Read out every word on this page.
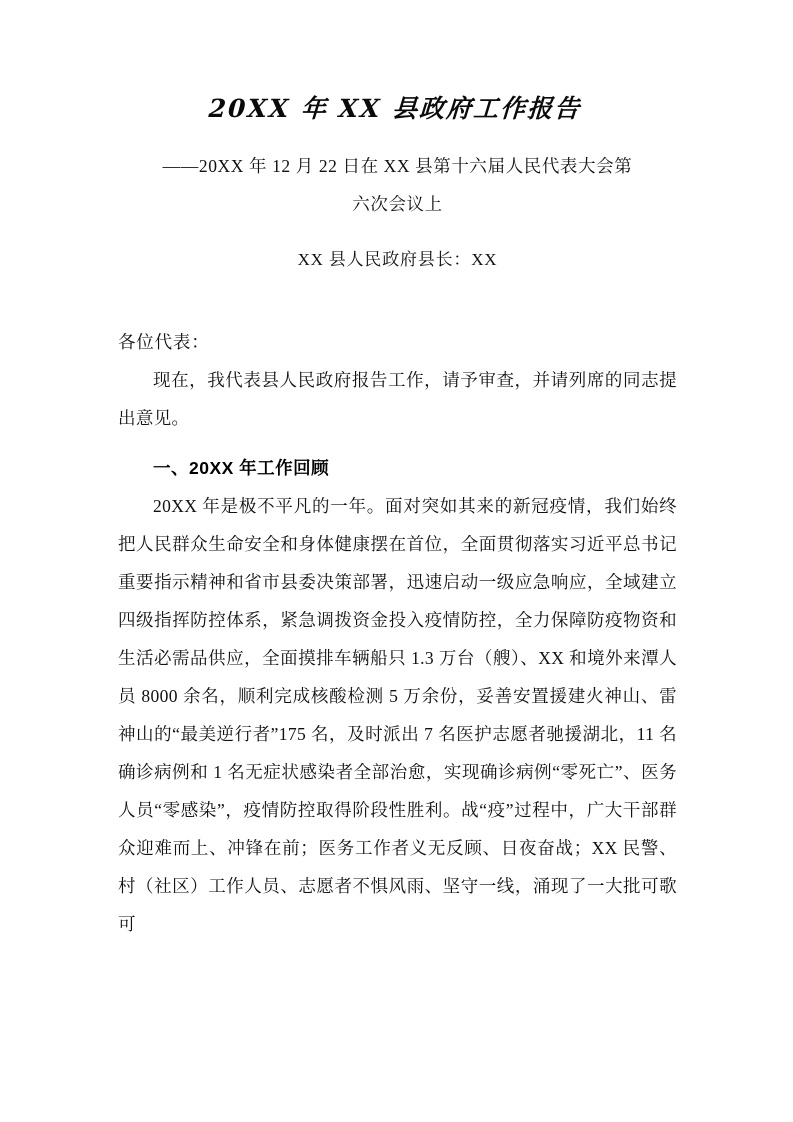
20XX 年 XX 县政府工作报告
——20XX 年 12 月 22 日在 XX 县第十六届人民代表大会第
六次会议上
XX 县人民政府县长：XX
各位代表：

现在，我代表县人民政府报告工作，请予审查，并请列席的同志提出意见。

一、20XX 年工作回顾

20XX 年是极不平凡的一年。面对突如其来的新冠疫情，我们始终把人民群众生命安全和身体健康摆在首位，全面贯彻落实习近平总书记重要指示精神和省市县委决策部署，迅速启动一级应急响应，全域建立四级指挥防控体系，紧急调拨资金投入疫情防控，全力保障防疫物资和生活必需品供应，全面摸排车辆船只 1.3 万台（艘）、XX 和境外来潭人员 8000 余名，顺利完成核酸检测 5 万余份，妥善安置援建火神山、雷神山的“最美逆行者”175 名，及时派出 7 名医护志愿者驰援湖北，11 名确诊病例和 1 名无症状感染者全部治愈，实现确诊病例“零死亡”、医务人员“零感染”，疫情防控取得阶段性胜利。战“疫”过程中，广大干部群众迎难而上、冲锋在前；医务工作者义无反顾、日夜奋战；XX 民警、村（社区）工作人员、志愿者不惧风雨、坚守一线，涌现了一大批可歌可
